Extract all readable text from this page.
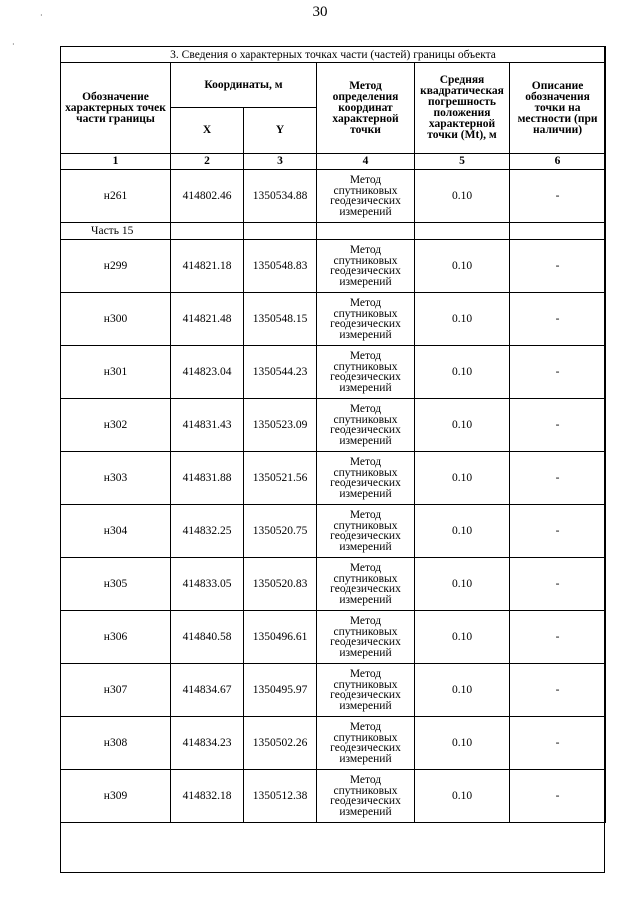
30
·
·
3. Сведения о характерных точках части (частей) границы объекта					
Обозначение характерных точек части границы	Координаты, м		Метод определения координат характерной точки	Средняя квадратическая погрешность положения характерной точки (Mt), м	Описание обозначения точки на местности (при наличии)
	X	Y			
1	2	3	4	5	6
н261	414802.46	1350534.88	Метод спутниковых геодезических измерений	0.10	-
Часть 15					
н299	414821.18	1350548.83	Метод спутниковых геодезических измерений	0.10	-
н300	414821.48	1350548.15	Метод спутниковых геодезических измерений	0.10	-
н301	414823.04	1350544.23	Метод спутниковых геодезических измерений	0.10	-
н302	414831.43	1350523.09	Метод спутниковых геодезических измерений	0.10	-
н303	414831.88	1350521.56	Метод спутниковых геодезических измерений	0.10	-
н304	414832.25	1350520.75	Метод спутниковых геодезических измерений	0.10	-
н305	414833.05	1350520.83	Метод спутниковых геодезических измерений	0.10	-
н306	414840.58	1350496.61	Метод спутниковых геодезических измерений	0.10	-
н307	414834.67	1350495.97	Метод спутниковых геодезических измерений	0.10	-
н308	414834.23	1350502.26	Метод спутниковых геодезических измерений	0.10	-
н309	414832.18	1350512.38	Метод спутниковых геодезических измерений	0.10	-
